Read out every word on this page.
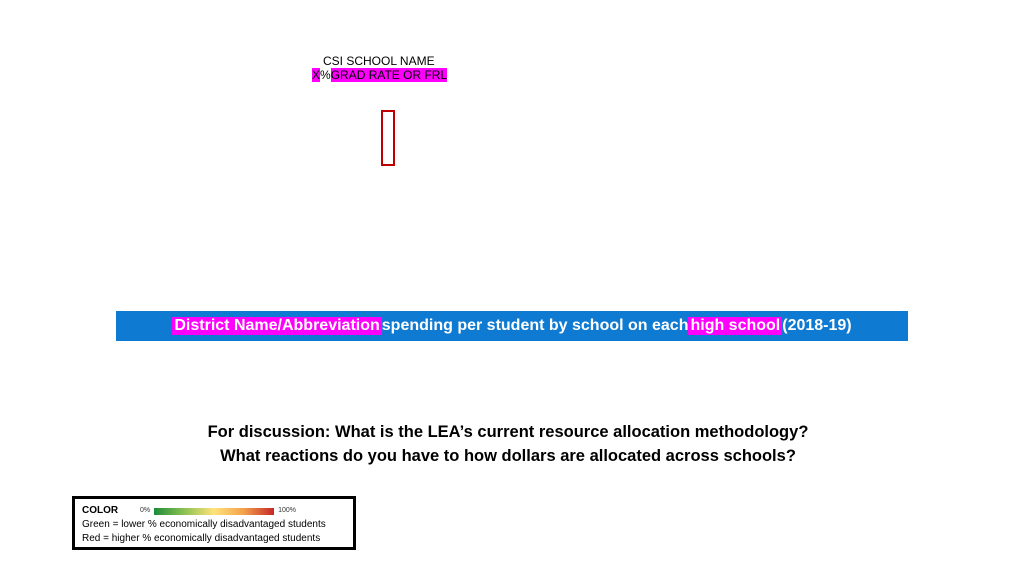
CSI SCHOOL NAME
X%GRAD RATE OR FRL
District Name/Abbreviation spending per student by school on each high school (2018-19)
For discussion: What is the LEA’s current resource allocation methodology?
What reactions do you have to how dollars are allocated across schools?
COLOR	0%	100%
Green = lower % economically disadvantaged students
Red = higher % economically disadvantaged students
